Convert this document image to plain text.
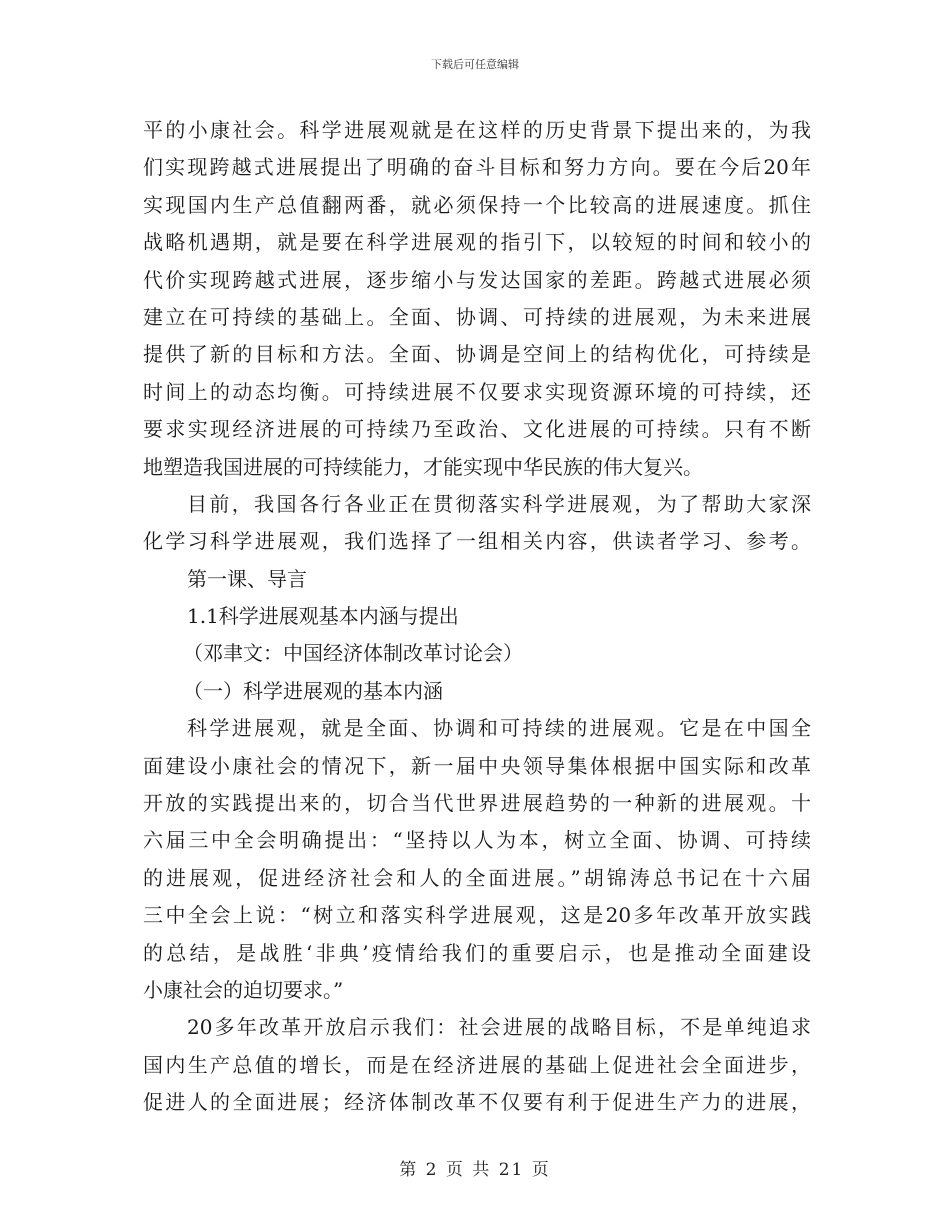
下载后可任意编辑
平的小康社会。科学进展观就是在这样的历史背景下提出来的，为我
们实现跨越式进展提出了明确的奋斗目标和努力方向。要在今后20年
实现国内生产总值翻两番，就必须保持一个比较高的进展速度。抓住
战略机遇期，就是要在科学进展观的指引下，以较短的时间和较小的
代价实现跨越式进展，逐步缩小与发达国家的差距。跨越式进展必须
建立在可持续的基础上。全面、协调、可持续的进展观，为未来进展
提供了新的目标和方法。全面、协调是空间上的结构优化，可持续是
时间上的动态均衡。可持续进展不仅要求实现资源环境的可持续，还
要求实现经济进展的可持续乃至政治、文化进展的可持续。只有不断
地塑造我国进展的可持续能力，才能实现中华民族的伟大复兴。
目前，我国各行各业正在贯彻落实科学进展观，为了帮助大家深
化学习科学进展观，我们选择了一组相关内容，供读者学习、参考。
第一课、导言
1.1科学进展观基本内涵与提出
（邓聿文：中国经济体制改革讨论会）
（一）科学进展观的基本内涵
科学进展观，就是全面、协调和可持续的进展观。它是在中国全
面建设小康社会的情况下，新一届中央领导集体根据中国实际和改革
开放的实践提出来的，切合当代世界进展趋势的一种新的进展观。十
六届三中全会明确提出：“坚持以人为本，树立全面、协调、可持续
的进展观，促进经济社会和人的全面进展。”胡锦涛总书记在十六届
三中全会上说：“树立和落实科学进展观，这是20多年改革开放实践
的总结，是战胜‘非典’疫情给我们的重要启示，也是推动全面建设
小康社会的迫切要求。”
20多年改革开放启示我们：社会进展的战略目标，不是单纯追求
国内生产总值的增长，而是在经济进展的基础上促进社会全面进步，
促进人的全面进展；经济体制改革不仅要有利于促进生产力的进展，
第 2 页 共 21 页
